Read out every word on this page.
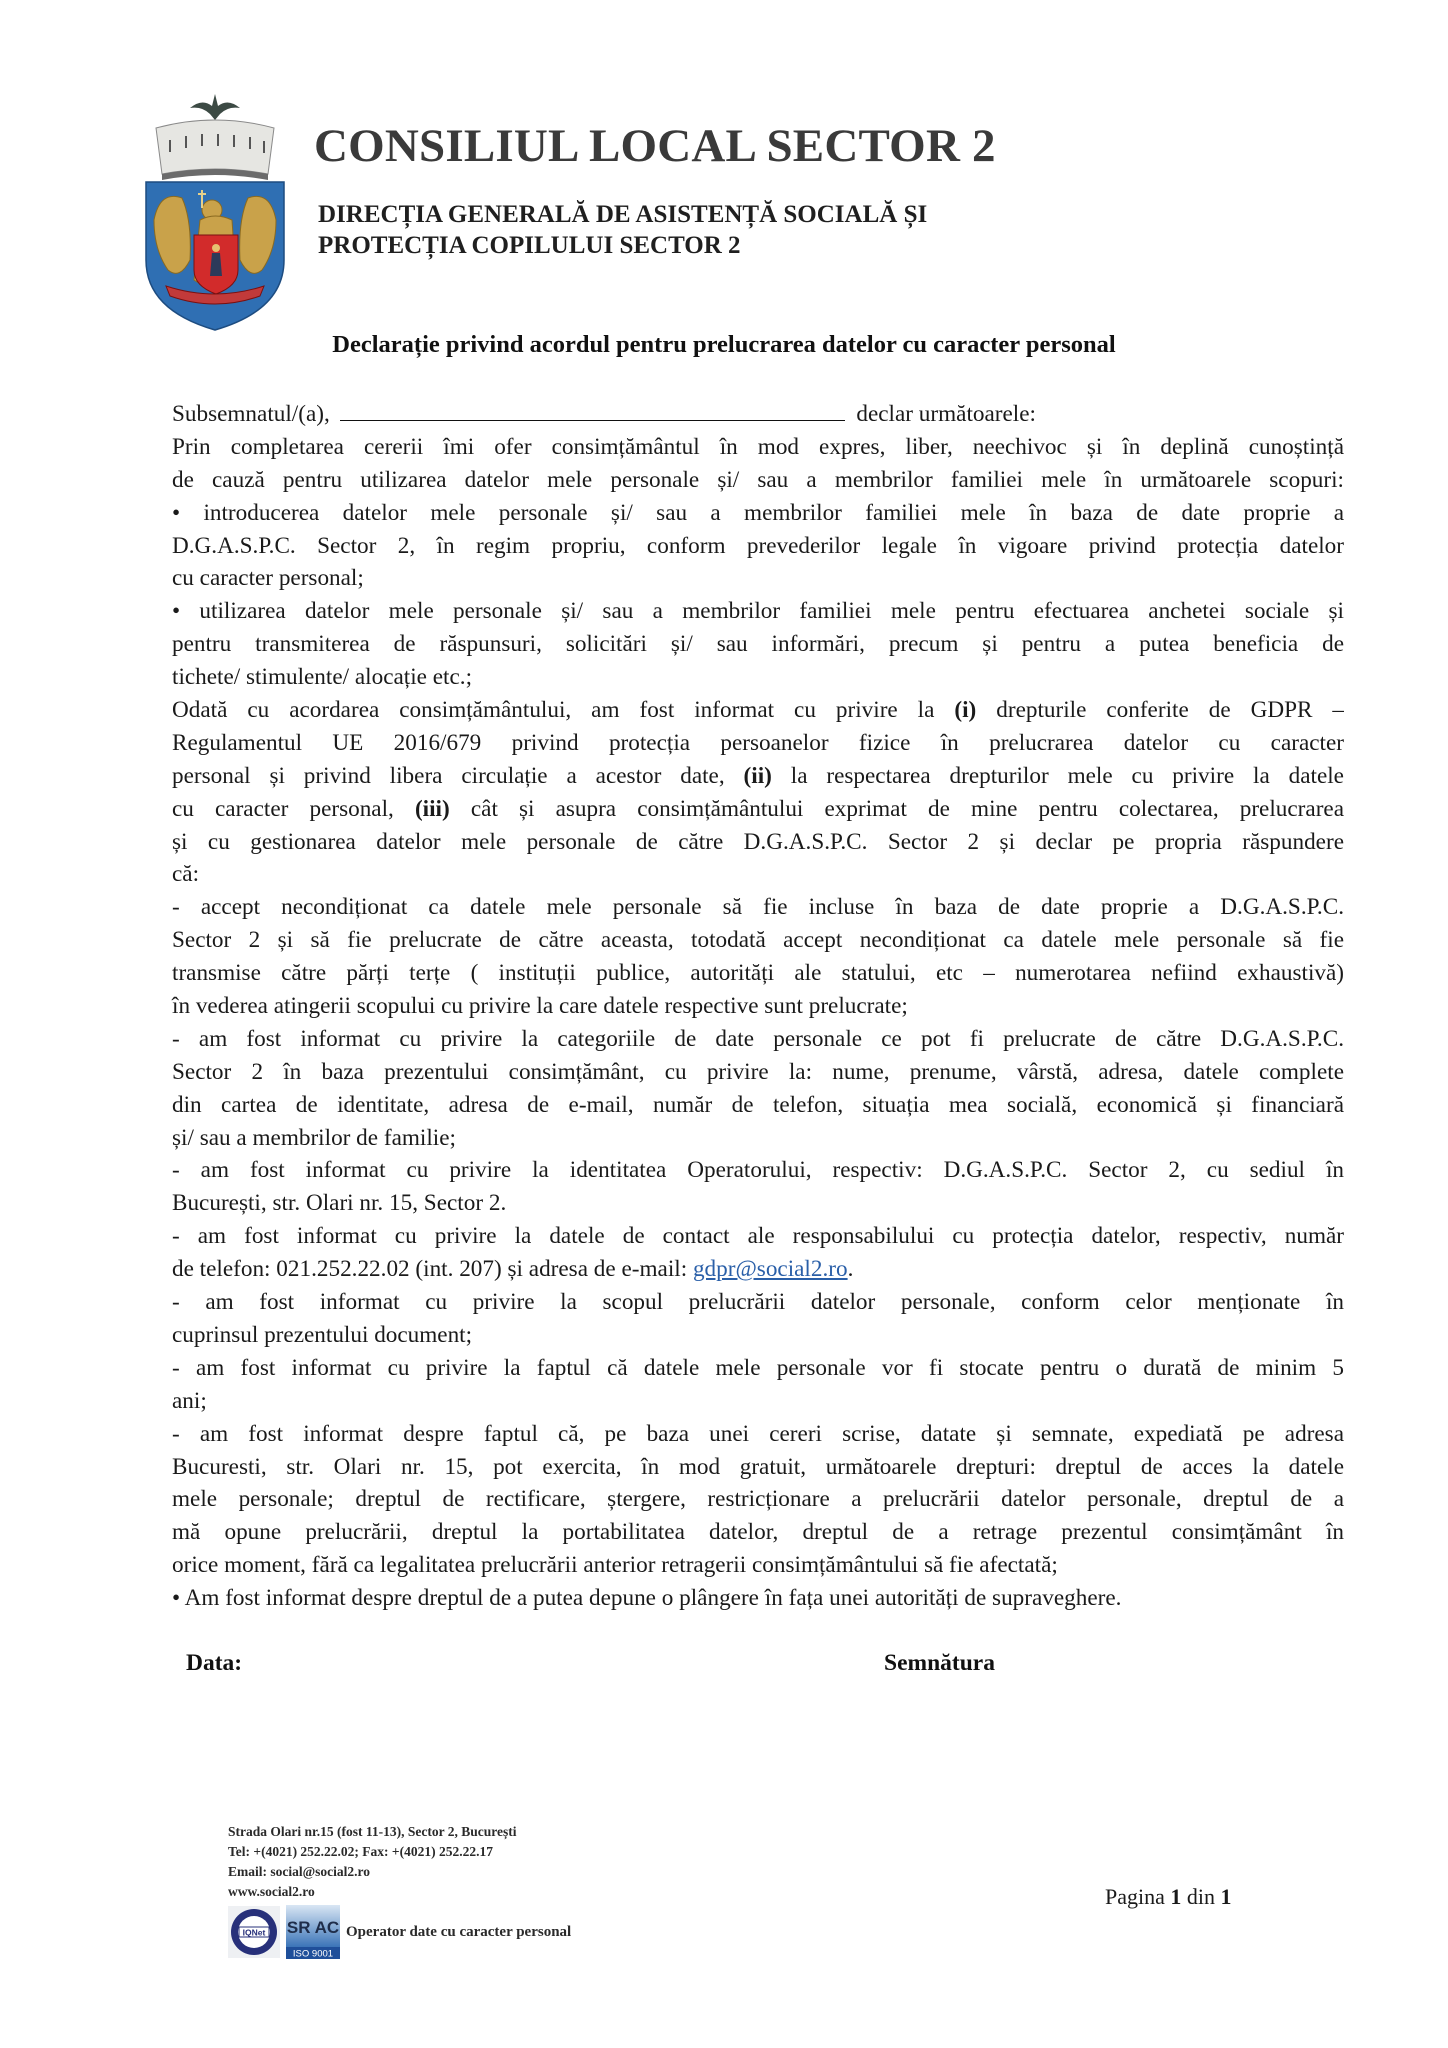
CONSILIUL LOCAL SECTOR 2
DIRECȚIA GENERALĂ DE ASISTENȚĂ SOCIALĂ ȘI
PROTECȚIA COPILULUI SECTOR 2
Declarație privind acordul pentru prelucrarea datelor cu caracter personal
Subsemnatul/(a),	declar următoarele:
Prin completarea cererii îmi ofer consimțământul în mod expres, liber, neechivoc și în deplină cunoștință
de cauză pentru utilizarea datelor mele personale și/ sau a membrilor familiei mele în următoarele scopuri:
• introducerea datelor mele personale și/ sau a membrilor familiei mele în baza de date proprie a
D.G.A.S.P.C. Sector 2, în regim propriu, conform prevederilor legale în vigoare privind protecția datelor
cu caracter personal;
• utilizarea datelor mele personale și/ sau a membrilor familiei mele pentru efectuarea anchetei sociale și
pentru transmiterea de răspunsuri, solicitări și/ sau informări, precum și pentru a putea beneficia de
tichete/ stimulente/ alocație etc.;
Odată cu acordarea consimțământului, am fost informat cu privire la (i) drepturile conferite de GDPR –
Regulamentul UE 2016/679 privind protecția persoanelor fizice în prelucrarea datelor cu caracter
personal și privind libera circulație a acestor date, (ii) la respectarea drepturilor mele cu privire la datele
cu caracter personal, (iii) cât și asupra consimțământului exprimat de mine pentru colectarea, prelucrarea
și cu gestionarea datelor mele personale de către D.G.A.S.P.C. Sector 2 și declar pe propria răspundere
că:
- accept necondiționat ca datele mele personale să fie incluse în baza de date proprie a D.G.A.S.P.C.
Sector 2 și să fie prelucrate de către aceasta, totodată accept necondiționat ca datele mele personale să fie
transmise către părți terțe ( instituții publice, autorități ale statului, etc – numerotarea nefiind exhaustivă)
în vederea atingerii scopului cu privire la care datele respective sunt prelucrate;
- am fost informat cu privire la categoriile de date personale ce pot fi prelucrate de către D.G.A.S.P.C.
Sector 2 în baza prezentului consimțământ, cu privire la: nume, prenume, vârstă, adresa, datele complete
din cartea de identitate, adresa de e-mail, număr de telefon, situația mea socială, economică și financiară
și/ sau a membrilor de familie;
- am fost informat cu privire la identitatea Operatorului, respectiv: D.G.A.S.P.C. Sector 2, cu sediul în
București, str. Olari nr. 15, Sector 2.
- am fost informat cu privire la datele de contact ale responsabilului cu protecția datelor, respectiv, număr
de telefon: 021.252.22.02 (int. 207) și adresa de e-mail: gdpr@social2.ro.
- am fost informat cu privire la scopul prelucrării datelor personale, conform celor menționate în
cuprinsul prezentului document;
- am fost informat cu privire la faptul că datele mele personale vor fi stocate pentru o durată de minim 5
ani;
- am fost informat despre faptul că, pe baza unei cereri scrise, datate și semnate, expediată pe adresa
Bucuresti, str. Olari nr. 15, pot exercita, în mod gratuit, următoarele drepturi: dreptul de acces la datele
mele personale; dreptul de rectificare, ștergere, restricționare a prelucrării datelor personale, dreptul de a
mă opune prelucrării, dreptul la portabilitatea datelor, dreptul de a retrage prezentul consimțământ în
orice moment, fără ca legalitatea prelucrării anterior retragerii consimțământului să fie afectată;
• Am fost informat despre dreptul de a putea depune o plângere în fața unei autorități de supraveghere.
Data:	Semnătura
Strada Olari nr.15 (fost 11-13), Sector 2, București
Tel: +(4021) 252.22.02; Fax: +(4021) 252.22.17
Email: social@social2.ro
www.social2.ro
IQNet SR AC
ISO 9001
Operator date cu caracter personal
Pagina 1 din 1
